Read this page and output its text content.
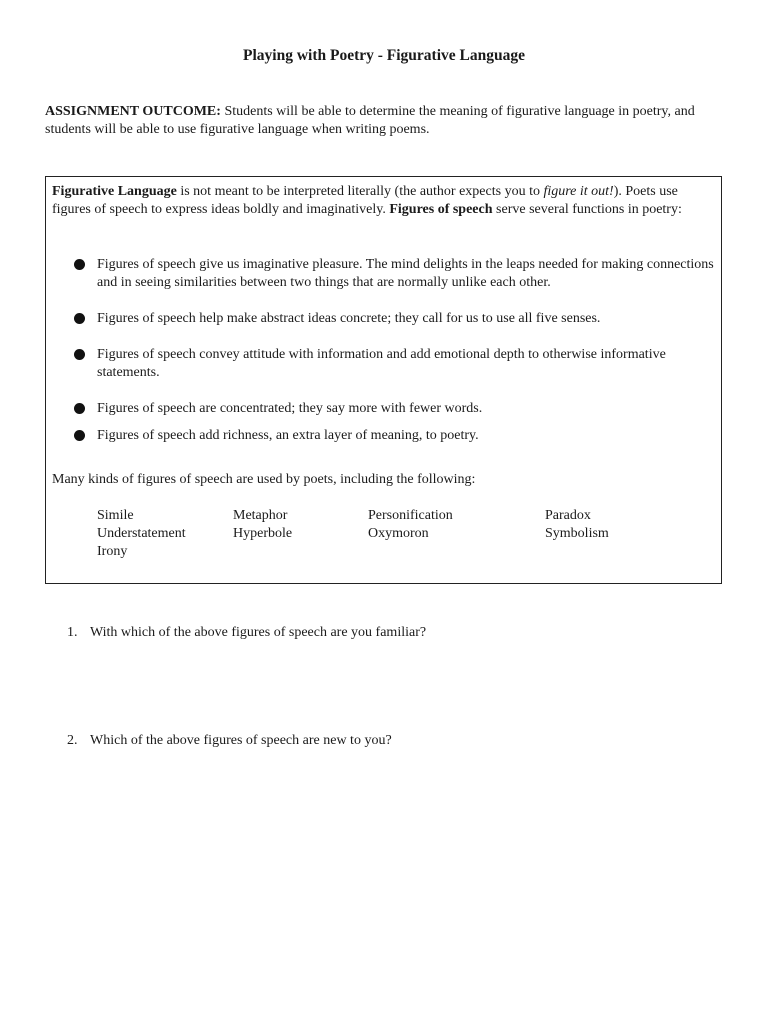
Playing with Poetry - Figurative Language
ASSIGNMENT OUTCOME: Students will be able to determine the meaning of figurative language in poetry, and students will be able to use figurative language when writing poems.
Figurative Language is not meant to be interpreted literally (the author expects you to figure it out!). Poets use figures of speech to express ideas boldly and imaginatively. Figures of speech serve several functions in poetry:
Figures of speech give us imaginative pleasure. The mind delights in the leaps needed for making connections and in seeing similarities between two things that are normally unlike each other.
Figures of speech help make abstract ideas concrete; they call for us to use all five senses.
Figures of speech convey attitude with information and add emotional depth to otherwise informative statements.
Figures of speech are concentrated; they say more with fewer words.
Figures of speech add richness, an extra layer of meaning, to poetry.
Many kinds of figures of speech are used by poets, including the following:
Simile	Metaphor	Personification	Paradox
Understatement	Hyperbole	Oxymoron	Symbolism
Irony
1. With which of the above figures of speech are you familiar?
2. Which of the above figures of speech are new to you?
